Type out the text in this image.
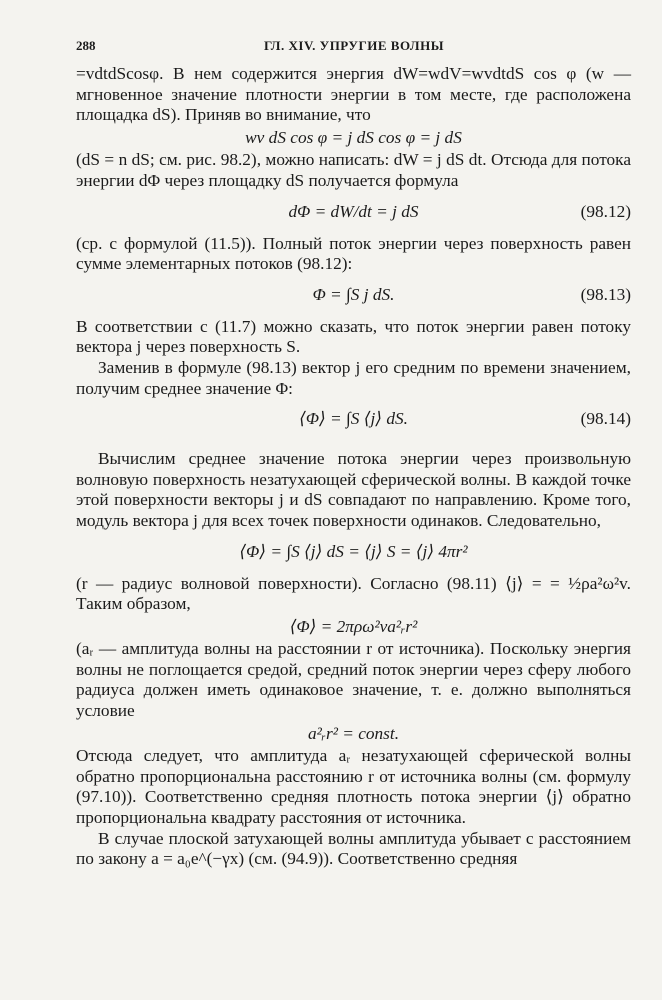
288	ГЛ. XIV. УПРУГИЕ ВОЛНЫ

=vdtdScosφ. В нем содержится энергия dW=wdV=wvdtdS cos φ (w — мгновенное значение плотности энергии в том месте, где расположена площадка dS). Приняв во внимание, что

wv dS cos φ = j dS cos φ = j dS

(dS = n dS; см. рис. 98.2), можно написать: dW = j dS dt. Отсюда для потока энергии dΦ через площадку dS получается формула

dΦ = dW/dt = j dS	(98.12)

(ср. с формулой (11.5)). Полный поток энергии через поверхность равен сумме элементарных потоков (98.12):

Φ = ∫S j dS.	(98.13)

В соответствии с (11.7) можно сказать, что поток энергии равен потоку вектора j через поверхность S.

Заменив в формуле (98.13) вектор j его средним по времени значением, получим среднее значение Φ:

⟨Φ⟩ = ∫S ⟨j⟩ dS.	(98.14)

Вычислим среднее значение потока энергии через произвольную волновую поверхность незатухающей сферической волны. В каждой точке этой поверхности векторы j и dS совпадают по направлению. Кроме того, модуль вектора j для всех точек поверхности одинаков. Следовательно,

⟨Φ⟩ = ∫S ⟨j⟩ dS = ⟨j⟩ S = ⟨j⟩ 4πr²

(r — радиус волновой поверхности). Согласно (98.11) ⟨j⟩ = = ½ρa²ω²v. Таким образом,

⟨Φ⟩ = 2πρω²va²ᵣr²

(aᵣ — амплитуда волны на расстоянии r от источника). Поскольку энергия волны не поглощается средой, средний поток энергии через сферу любого радиуса должен иметь одинаковое значение, т. е. должно выполняться условие

a²ᵣr² = const.

Отсюда следует, что амплитуда aᵣ незатухающей сферической волны обратно пропорциональна расстоянию r от источника волны (см. формулу (97.10)). Соответственно средняя плотность потока энергии ⟨j⟩ обратно пропорциональна квадрату расстояния от источника.

В случае плоской затухающей волны амплитуда убывает с расстоянием по закону a = a₀e^(−γx) (см. (94.9)). Соответственно средняя
